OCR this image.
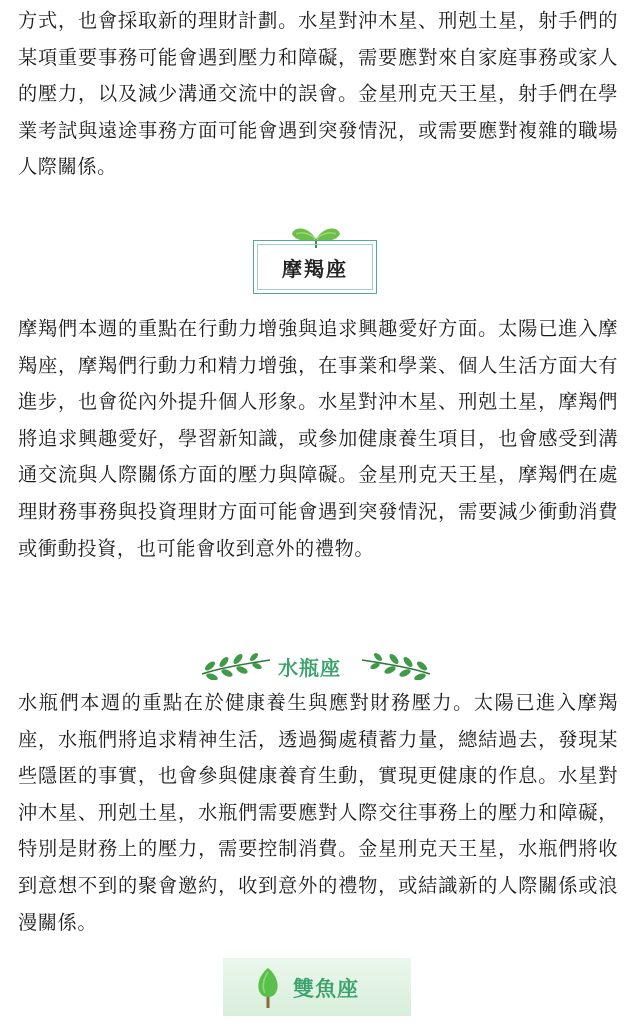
方式，也會採取新的理財計劃。水星對沖木星、刑剋土星，射手們的某項重要事務可能會遇到壓力和障礙，需要應對來自家庭事務或家人的壓力，以及減少溝通交流中的誤會。金星刑克天王星，射手們在學業考試與遠途事務方面可能會遇到突發情況，或需要應對複雜的職場人際關係。

摩羯座

摩羯們本週的重點在行動力增強與追求興趣愛好方面。太陽已進入摩羯座，摩羯們行動力和精力增強，在事業和學業、個人生活方面大有進步，也會從內外提升個人形象。水星對沖木星、刑剋土星，摩羯們將追求興趣愛好，學習新知識，或參加健康養生項目，也會感受到溝通交流與人際關係方面的壓力與障礙。金星刑克天王星，摩羯們在處理財務事務與投資理財方面可能會遇到突發情況，需要減少衝動消費或衝動投資，也可能會收到意外的禮物。

水瓶座

水瓶們本週的重點在於健康養生與應對財務壓力。太陽已進入摩羯座，水瓶們將追求精神生活，透過獨處積蓄力量，總結過去，發現某些隱匿的事實，也會參與健康養育生動，實現更健康的作息。水星對沖木星、刑剋土星，水瓶們需要應對人際交往事務上的壓力和障礙，特別是財務上的壓力，需要控制消費。金星刑克天王星，水瓶們將收到意想不到的聚會邀約，收到意外的禮物，或結識新的人際關係或浪漫關係。

雙魚座
